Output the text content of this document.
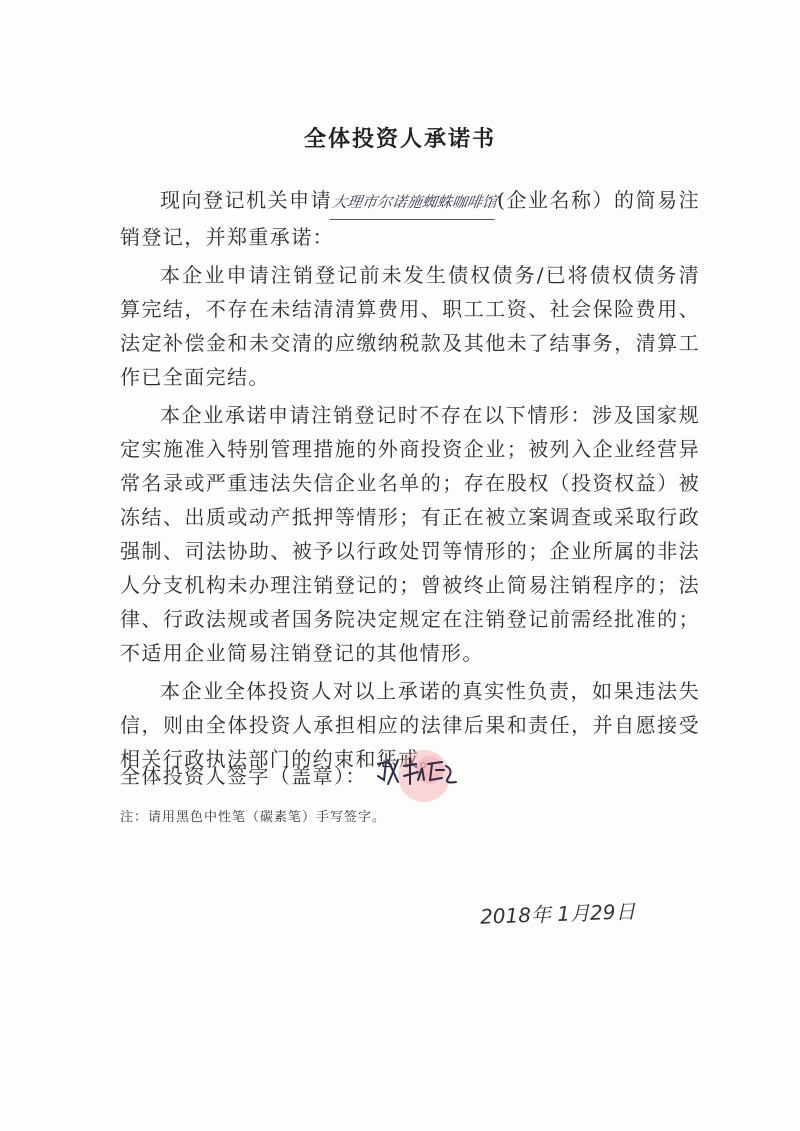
全体投资人承诺书

现向登记机关申请大理市尔诺施蜘蛛咖啡馆(企业名称）的简易注销登记，并郑重承诺：

本企业申请注销登记前未发生债权债务/已将债权债务清算完结，不存在未结清清算费用、职工工资、社会保险费用、法定补偿金和未交清的应缴纳税款及其他未了结事务，清算工作已全面完结。

本企业承诺申请注销登记时不存在以下情形：涉及国家规定实施准入特别管理措施的外商投资企业；被列入企业经营异常名录或严重违法失信企业名单的；存在股权（投资权益）被冻结、出质或动产抵押等情形；有正在被立案调查或采取行政强制、司法协助、被予以行政处罚等情形的；企业所属的非法人分支机构未办理注销登记的；曾被终止简易注销程序的；法律、行政法规或者国务院决定规定在注销登记前需经批准的；不适用企业简易注销登记的其他情形。

本企业全体投资人对以上承诺的真实性负责，如果违法失信，则由全体投资人承担相应的法律后果和责任，并自愿接受相关行政执法部门的约束和惩戒。

全体投资人签字（盖章）：
注：请用黑色中性笔（碳素笔）手写签字。
2018年 1月29日
